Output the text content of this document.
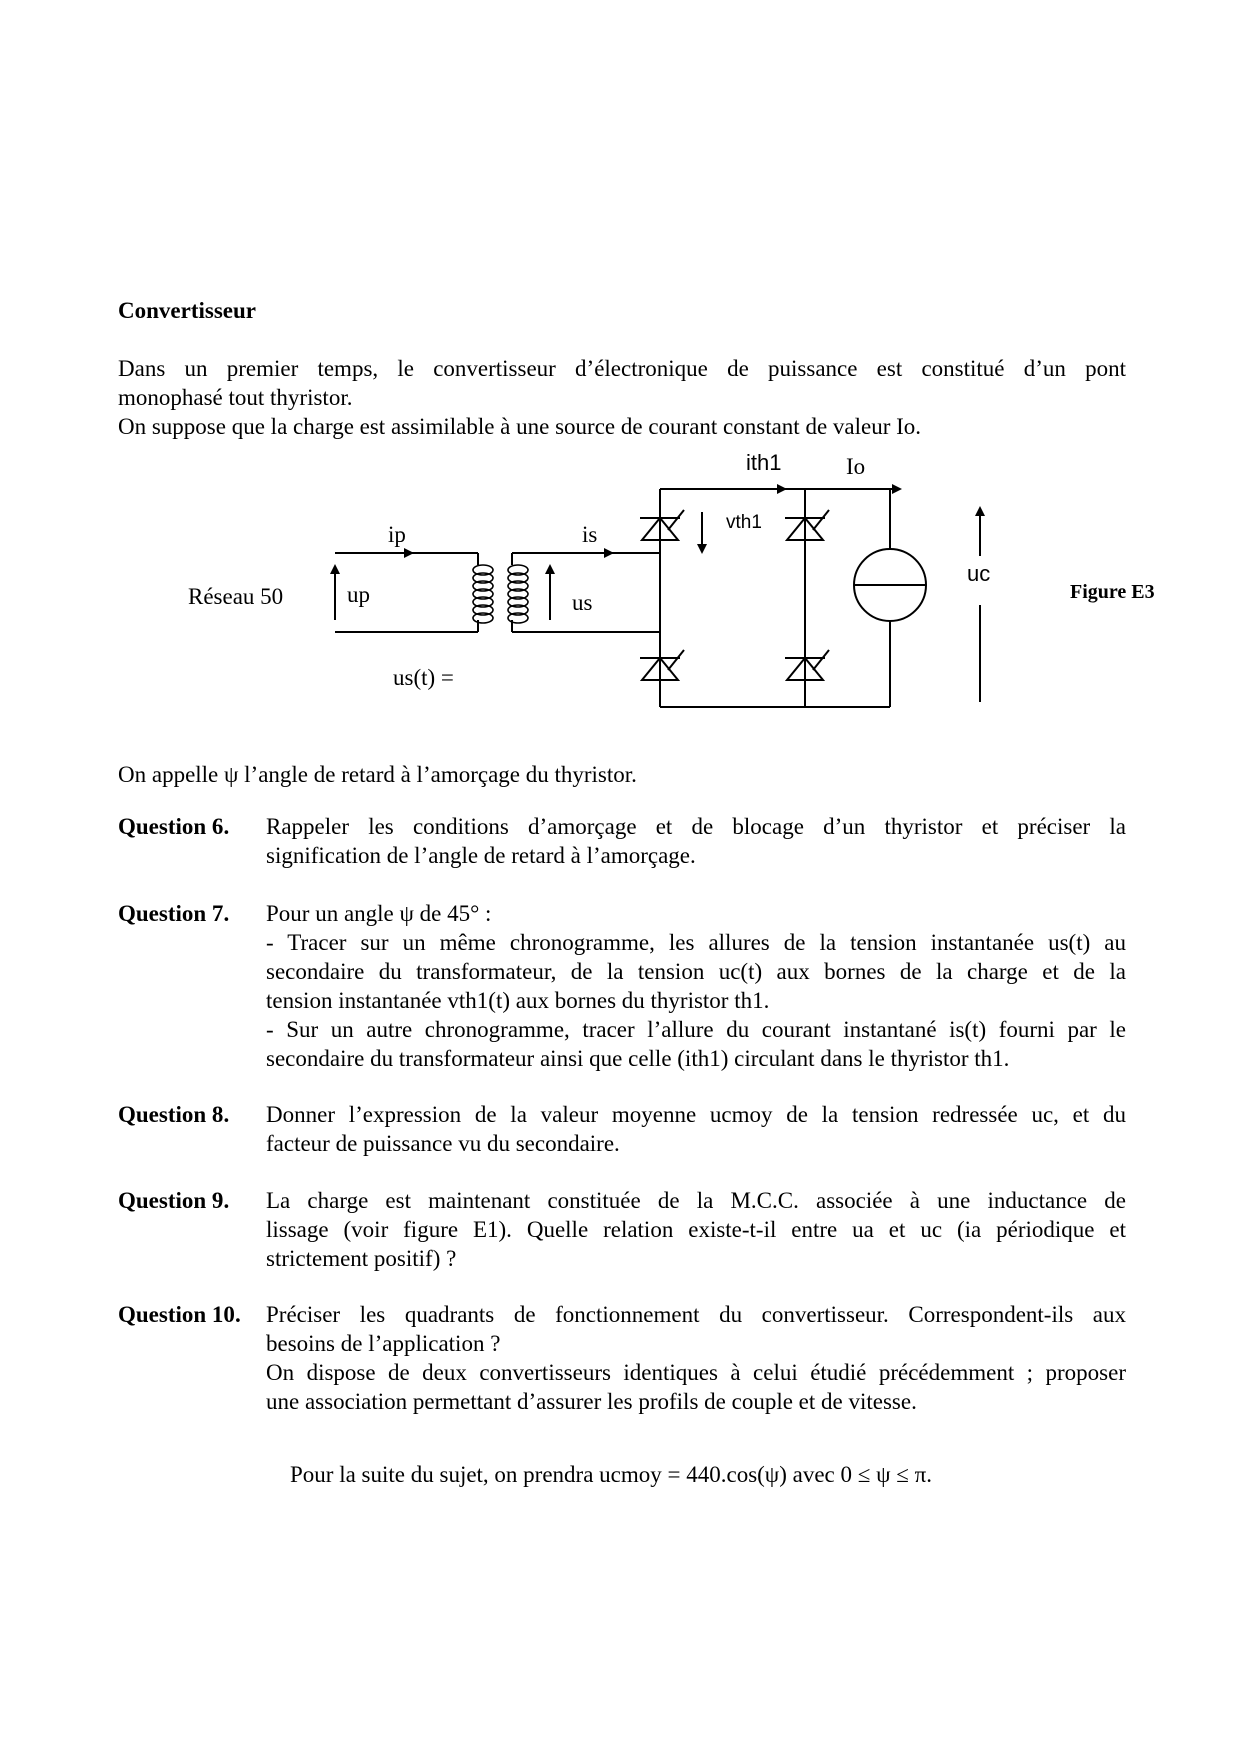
Convertisseur
Dans un premier temps, le convertisseur d’électronique de puissance est constitué d’un pont
monophasé tout thyristor.
On suppose que la charge est assimilable à une source de courant constant de valeur Io.
Réseau 50	up	us
us(t) =
ip	is
ith1	Io
vth1
uc
Figure E3
On appelle ψ l’angle de retard à l’amorçage du thyristor.
Question 6. Rappeler les conditions d’amorçage et de blocage d’un thyristor et préciser la
signification de l’angle de retard à l’amorçage.
Question 7. Pour un angle ψ de 45° :
- Tracer sur un même chronogramme, les allures de la tension instantanée us(t) au
secondaire du transformateur, de la tension uc(t) aux bornes de la charge et de la
tension instantanée vth1(t) aux bornes du thyristor th1.
- Sur un autre chronogramme, tracer l’allure du courant instantané is(t) fourni par le
secondaire du transformateur ainsi que celle (ith1) circulant dans le thyristor th1.
Question 8. Donner l’expression de la valeur moyenne ucmoy de la tension redressée uc, et du
facteur de puissance vu du secondaire.
Question 9. La charge est maintenant constituée de la M.C.C. associée à une inductance de
lissage (voir figure E1). Quelle relation existe-t-il entre ua et uc (ia périodique et
strictement positif) ?
Question 10. Préciser les quadrants de fonctionnement du convertisseur. Correspondent-ils aux
besoins de l’application ?
On dispose de deux convertisseurs identiques à celui étudié précédemment ; proposer
une association permettant d’assurer les profils de couple et de vitesse.
Pour la suite du sujet, on prendra ucmoy = 440.cos(ψ) avec 0 ≤ ψ ≤ π.
